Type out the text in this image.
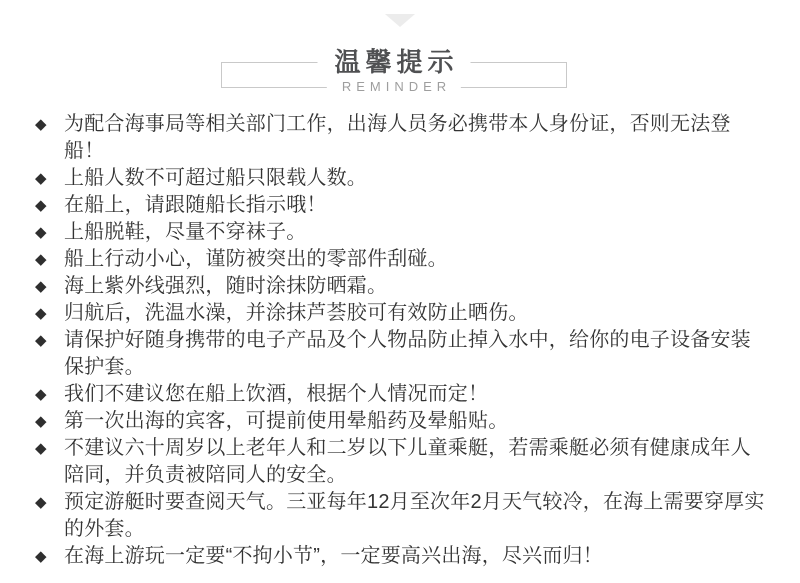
温馨提示
REMINDER
◆ 为配合海事局等相关部门工作，出海人员务必携带本人身份证，否则无法登船！
◆ 上船人数不可超过船只限载人数。
◆ 在船上，请跟随船长指示哦！
◆ 上船脱鞋，尽量不穿袜子。
◆ 船上行动小心，谨防被突出的零部件刮碰。
◆ 海上紫外线强烈，随时涂抹防晒霜。
◆ 归航后，洗温水澡，并涂抹芦荟胶可有效防止晒伤。
◆ 请保护好随身携带的电子产品及个人物品防止掉入水中，给你的电子设备安装保护套。
◆ 我们不建议您在船上饮酒，根据个人情况而定！
◆ 第一次出海的宾客，可提前使用晕船药及晕船贴。
◆ 不建议六十周岁以上老年人和二岁以下儿童乘艇，若需乘艇必须有健康成年人陪同，并负责被陪同人的安全。
◆ 预定游艇时要查阅天气。三亚每年12月至次年2月天气较冷，在海上需要穿厚实的外套。
◆ 在海上游玩一定要“不拘小节”，一定要高兴出海，尽兴而归！
